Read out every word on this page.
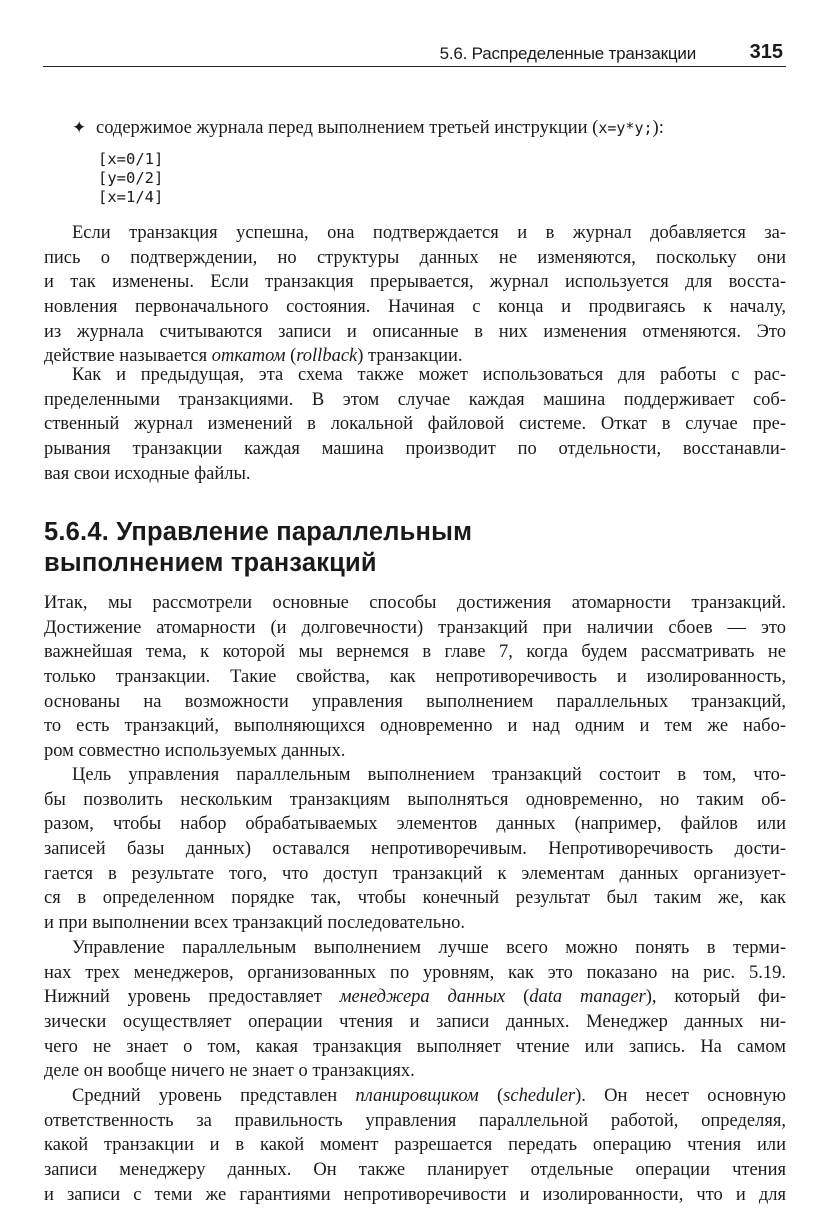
5.6. Распределенные транзакции	315
✦ содержимое журнала перед выполнением третьей инструкции (x=y*y;):
[x=0/1]
[y=0/2]
[x=1/4]
Если транзакция успешна, она подтверждается и в журнал добавляется за-
пись о подтверждении, но структуры данных не изменяются, поскольку они
и так изменены. Если транзакция прерывается, журнал используется для восста-
новления первоначального состояния. Начиная с конца и продвигаясь к началу,
из журнала считываются записи и описанные в них изменения отменяются. Это
действие называется откатом (rollback) транзакции.
Как и предыдущая, эта схема также может использоваться для работы с рас-
пределенными транзакциями. В этом случае каждая машина поддерживает соб-
ственный журнал изменений в локальной файловой системе. Откат в случае пре-
рывания транзакции каждая машина производит по отдельности, восстанавли-
вая свои исходные файлы.
5.6.4. Управление параллельным
выполнением транзакций
Итак, мы рассмотрели основные способы достижения атомарности транзакций.
Достижение атомарности (и долговечности) транзакций при наличии сбоев — это
важнейшая тема, к которой мы вернемся в главе 7, когда будем рассматривать не
только транзакции. Такие свойства, как непротиворечивость и изолированность,
основаны на возможности управления выполнением параллельных транзакций,
то есть транзакций, выполняющихся одновременно и над одним и тем же набо-
ром совместно используемых данных.
Цель управления параллельным выполнением транзакций состоит в том, что-
бы позволить нескольким транзакциям выполняться одновременно, но таким об-
разом, чтобы набор обрабатываемых элементов данных (например, файлов или
записей базы данных) оставался непротиворечивым. Непротиворечивость дости-
гается в результате того, что доступ транзакций к элементам данных организует-
ся в определенном порядке так, чтобы конечный результат был таким же, как
и при выполнении всех транзакций последовательно.
Управление параллельным выполнением лучше всего можно понять в терми-
нах трех менеджеров, организованных по уровням, как это показано на рис. 5.19.
Нижний уровень предоставляет менеджера данных (data manager), который фи-
зически осуществляет операции чтения и записи данных. Менеджер данных ни-
чего не знает о том, какая транзакция выполняет чтение или запись. На самом
деле он вообще ничего не знает о транзакциях.
Средний уровень представлен планировщиком (scheduler). Он несет основную
ответственность за правильность управления параллельной работой, определяя,
какой транзакции и в какой момент разрешается передать операцию чтения или
записи менеджеру данных. Он также планирует отдельные операции чтения
и записи с теми же гарантиями непротиворечивости и изолированности, что и для
